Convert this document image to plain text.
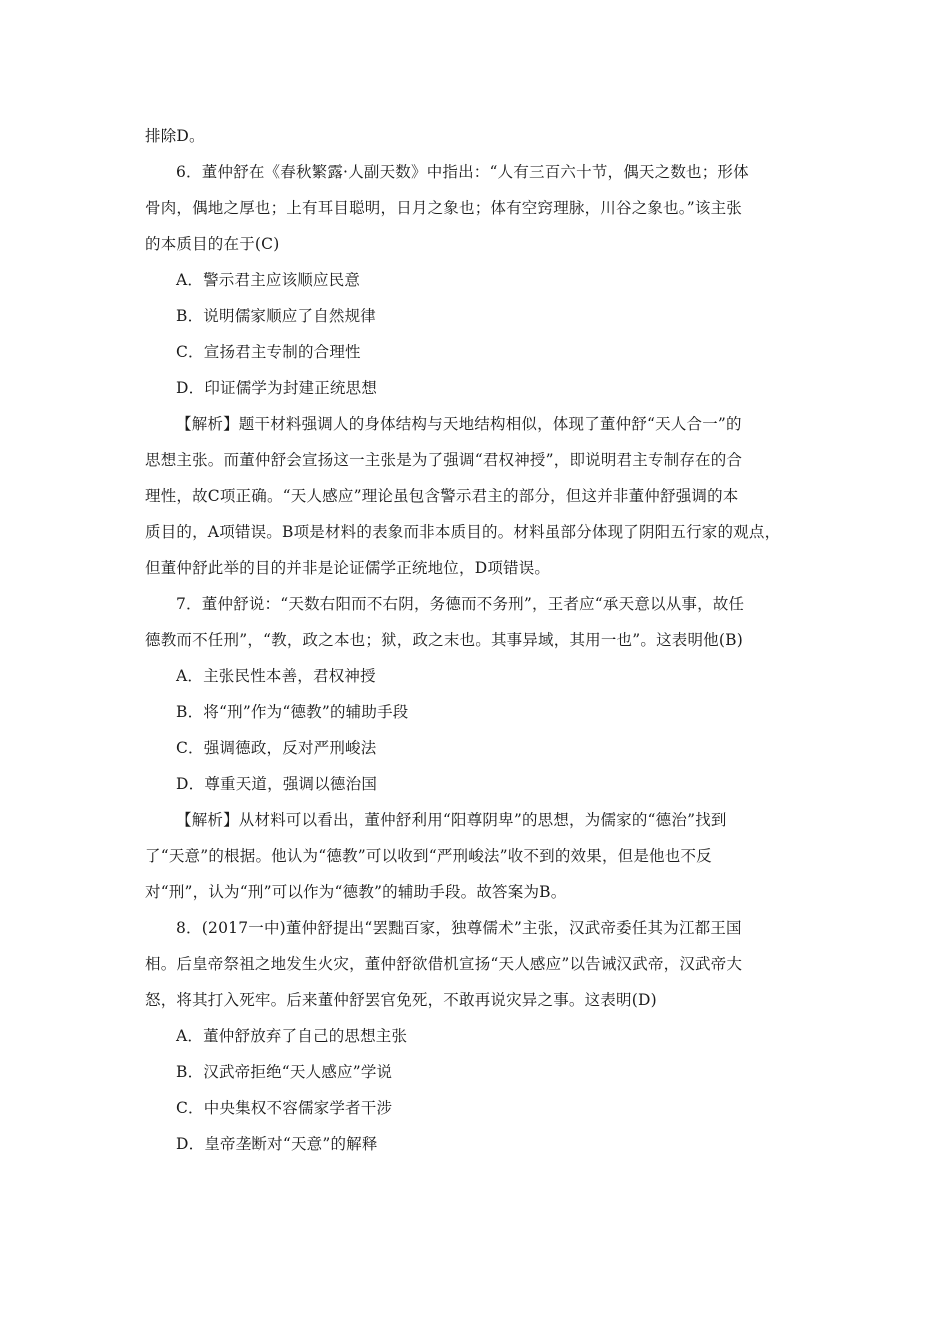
排除D。
6．董仲舒在《春秋繁露·人副天数》中指出：“人有三百六十节，偶天之数也；形体
骨肉，偶地之厚也；上有耳目聪明，日月之象也；体有空窍理脉，川谷之象也。”该主张
的本质目的在于(C)
A．警示君主应该顺应民意
B．说明儒家顺应了自然规律
C．宣扬君主专制的合理性
D．印证儒学为封建正统思想
【解析】题干材料强调人的身体结构与天地结构相似，体现了董仲舒“天人合一”的
思想主张。而董仲舒会宣扬这一主张是为了强调“君权神授”，即说明君主专制存在的合
理性，故C项正确。“天人感应”理论虽包含警示君主的部分，但这并非董仲舒强调的本
质目的，A项错误。B项是材料的表象而非本质目的。材料虽部分体现了阴阳五行家的观点，
但董仲舒此举的目的并非是论证儒学正统地位，D项错误。
7．董仲舒说：“天数右阳而不右阴，务德而不务刑”，王者应“承天意以从事，故任
德教而不任刑”，“教，政之本也；狱，政之末也。其事异域，其用一也”。这表明他(B)
A．主张民性本善，君权神授
B．将“刑”作为“德教”的辅助手段
C．强调德政，反对严刑峻法
D．尊重天道，强调以德治国
【解析】从材料可以看出，董仲舒利用“阳尊阴卑”的思想，为儒家的“德治”找到
了“天意”的根据。他认为“德教”可以收到“严刑峻法”收不到的效果，但是他也不反
对“刑”，认为“刑”可以作为“德教”的辅助手段。故答案为B。
8．(2017一中)董仲舒提出“罢黜百家，独尊儒术”主张，汉武帝委任其为江都王国
相。后皇帝祭祖之地发生火灾，董仲舒欲借机宣扬“天人感应”以告诫汉武帝，汉武帝大
怒，将其打入死牢。后来董仲舒罢官免死，不敢再说灾异之事。这表明(D)
A．董仲舒放弃了自己的思想主张
B．汉武帝拒绝“天人感应”学说
C．中央集权不容儒家学者干涉
D．皇帝垄断对“天意”的解释
